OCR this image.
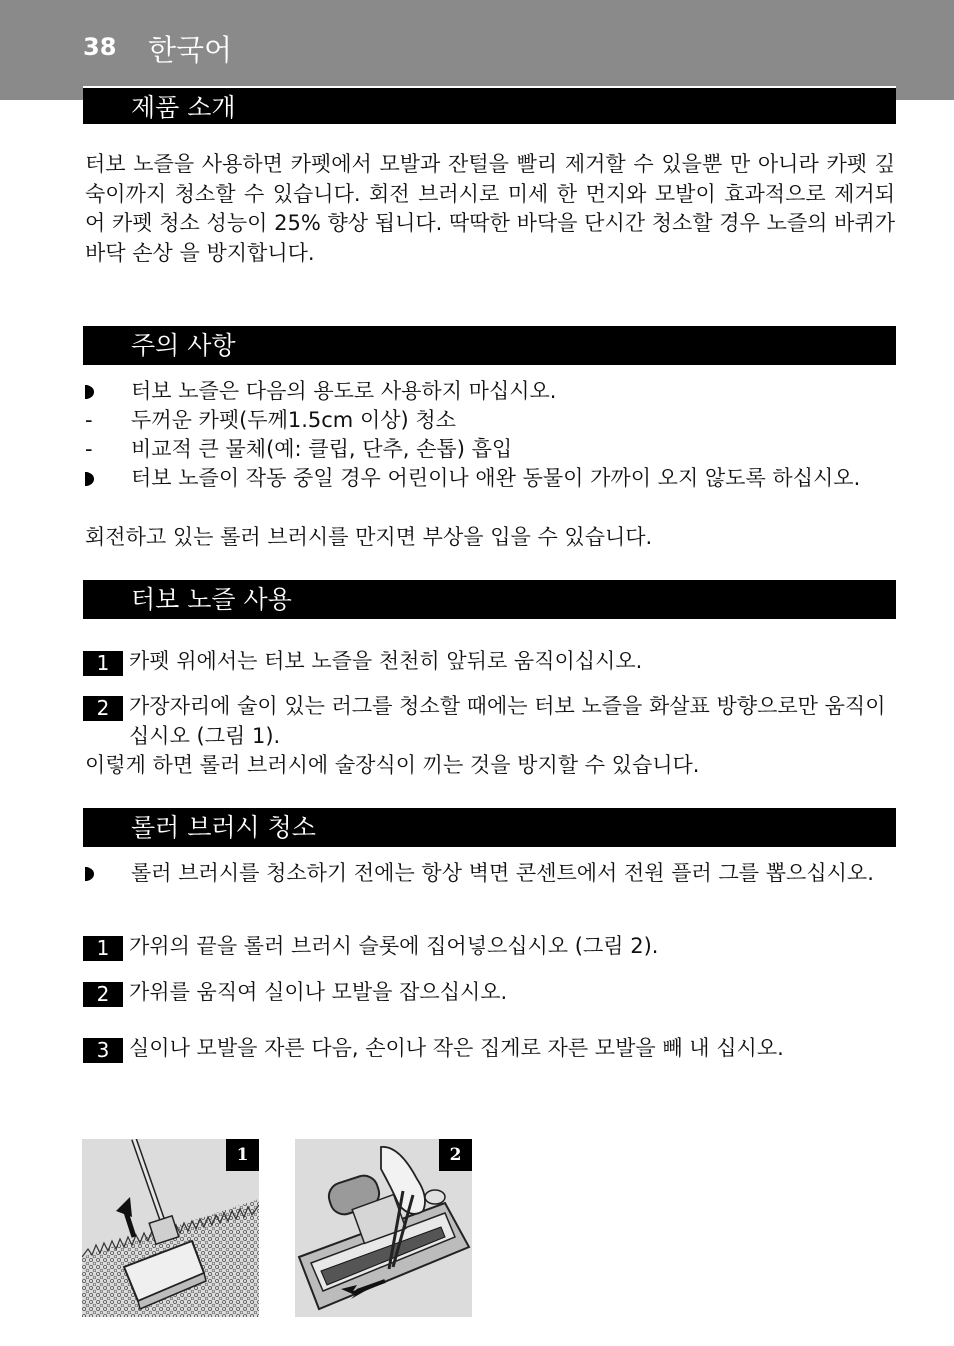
38 한국어
제품 소개

터보 노즐을 사용하면 카펫에서 모발과 잔털을 빨리 제거할 수 있을뿐 만 아니라 카펫 깊숙이까지 청소할 수 있습니다. 회전 브러시로 미세 한 먼지와 모발이 효과적으로 제거되어 카펫 청소 성능이 25% 향상 됩니다. 딱딱한 바닥을 단시간 청소할 경우 노즐의 바퀴가 바닥 손상 을 방지합니다.

주의 사항
터보 노즐은 다음의 용도로 사용하지 마십시오.
-	두꺼운 카펫(두께1.5cm 이상) 청소
-	비교적 큰 물체(예: 클립, 단추, 손톱) 흡입
터보 노즐이 작동 중일 경우 어린이나 애완 동물이 가까이 오지 않도록 하십시오.
회전하고 있는 롤러 브러시를 만지면 부상을 입을 수 있습니다.
터보 노즐 사용
1 카펫 위에서는 터보 노즐을 천천히 앞뒤로 움직이십시오.
2 가장자리에 술이 있는 러그를 청소할 때에는 터보 노즐을 화살표 방향으로만 움직이십시오 (그림 1).
이렇게 하면 롤러 브러시에 술장식이 끼는 것을 방지할 수 있습니다.
롤러 브러시 청소
롤러 브러시를 청소하기 전에는 항상 벽면 콘센트에서 전원 플러 그를 뽑으십시오.
1 가위의 끝을 롤러 브러시 슬롯에 집어넣으십시오 (그림 2).
2 가위를 움직여 실이나 모발을 잡으십시오.
3 실이나 모발을 자른 다음, 손이나 작은 집게로 자른 모발을 빼 내 십시오.
1	2
